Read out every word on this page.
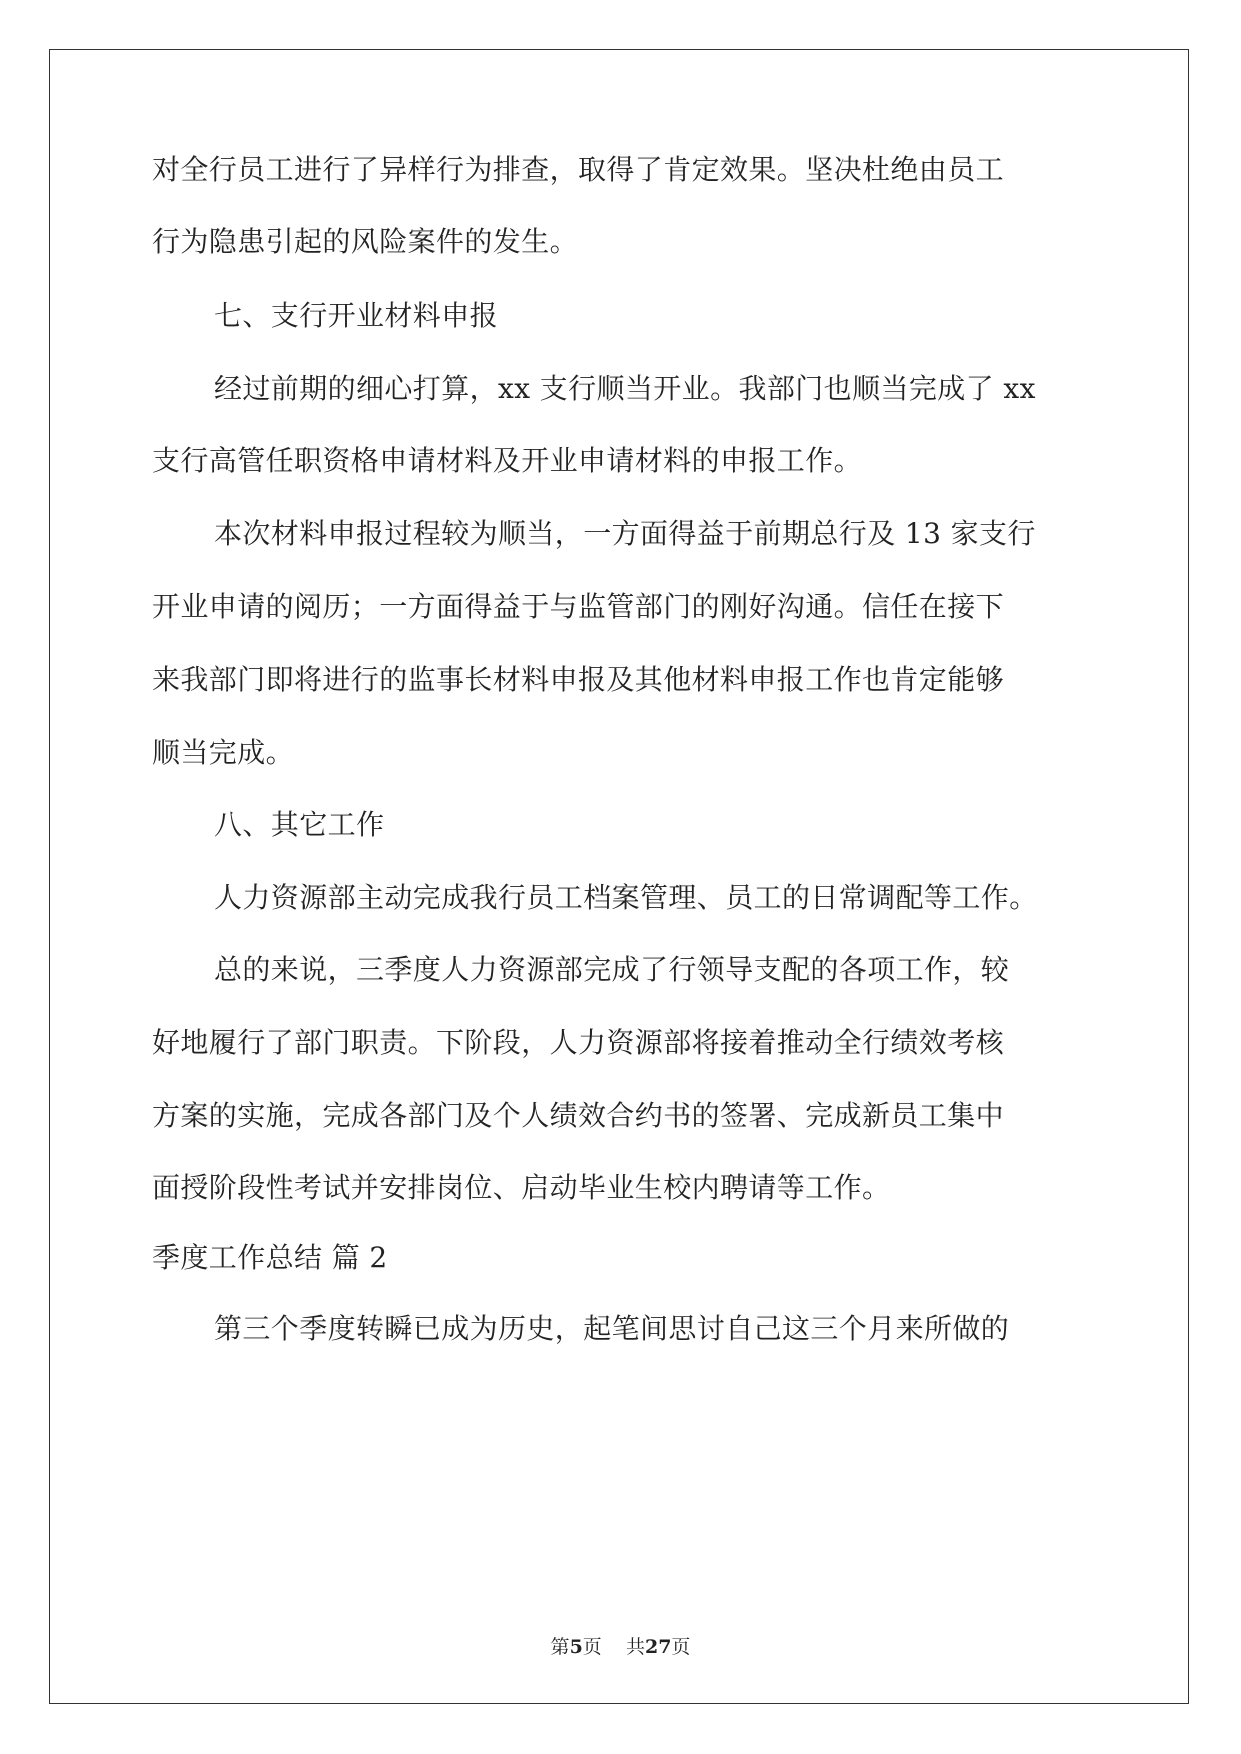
对全行员工进行了异样行为排查，取得了肯定效果。坚决杜绝由员工
行为隐患引起的风险案件的发生。
七、支行开业材料申报
经过前期的细心打算，xx 支行顺当开业。我部门也顺当完成了 xx
支行高管任职资格申请材料及开业申请材料的申报工作。
本次材料申报过程较为顺当，一方面得益于前期总行及 13 家支行
开业申请的阅历；一方面得益于与监管部门的刚好沟通。信任在接下
来我部门即将进行的监事长材料申报及其他材料申报工作也肯定能够
顺当完成。
八、其它工作
人力资源部主动完成我行员工档案管理、员工的日常调配等工作。
总的来说，三季度人力资源部完成了行领导支配的各项工作，较
好地履行了部门职责。下阶段，人力资源部将接着推动全行绩效考核
方案的实施，完成各部门及个人绩效合约书的签署、完成新员工集中
面授阶段性考试并安排岗位、启动毕业生校内聘请等工作。
季度工作总结 篇 2
第三个季度转瞬已成为历史，起笔间思讨自己这三个月来所做的
第5页    共27页
